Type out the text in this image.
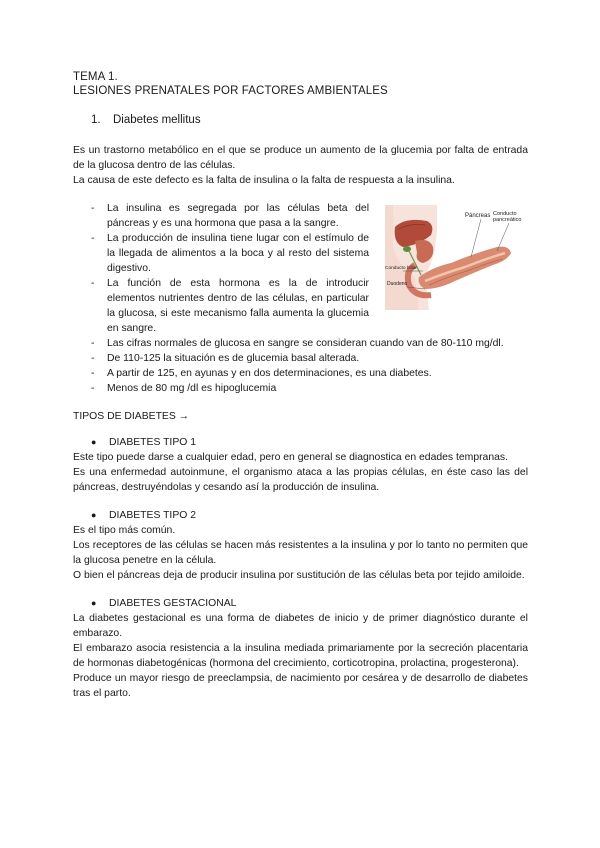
TEMA 1.
LESIONES PRENATALES POR FACTORES AMBIENTALES
1. Diabetes mellitus

Es un trastorno metabólico en el que se produce un aumento de la glucemia por falta de entrada de la glucosa dentro de las células.

La causa de este defecto es la falta de insulina o la falta de respuesta a la insulina.

- La insulina es segregada por las células beta del páncreas y es una hormona que pasa a la sangre.
- La producción de insulina tiene lugar con el estímulo de la llegada de alimentos a la boca y al resto del sistema digestivo.
- La función de esta hormona es la de introducir elementos nutrientes dentro de las células, en particular la glucosa, si este mecanismo falla aumenta la glucemia en sangre.
- Las cifras normales de glucosa en sangre se consideran cuando van de 80-110 mg/dl.
- De 110-125 la situación es de glucemia basal alterada.
- A partir de 125, en ayunas y en dos determinaciones, es una diabetes.
- Menos de 80 mg /dl es hipoglucemia
Páncreas Conducto
pancreático
Conducto biliar
Duodeno
TIPOS DE DIABETES →
● DIABETES TIPO 1

Este tipo puede darse a cualquier edad, pero en general se diagnostica en edades tempranas.

Es una enfermedad autoinmune, el organismo ataca a las propias células, en éste caso las del páncreas, destruyéndolas y cesando así la producción de insulina.

● DIABETES TIPO 2

Es el tipo más común.

Los receptores de las células se hacen más resistentes a la insulina y por lo tanto no permiten que la glucosa penetre en la célula.

O bien el páncreas deja de producir insulina por sustitución de las células beta por tejido amiloide.

● DIABETES GESTACIONAL

La diabetes gestacional es una forma de diabetes de inicio y de primer diagnóstico durante el embarazo.

El embarazo asocia resistencia a la insulina mediada primariamente por la secreción placentaria de hormonas diabetogénicas (hormona del crecimiento, corticotropina, prolactina, progesterona).

Produce un mayor riesgo de preeclampsia, de nacimiento por cesárea y de desarrollo de diabetes tras el parto.
